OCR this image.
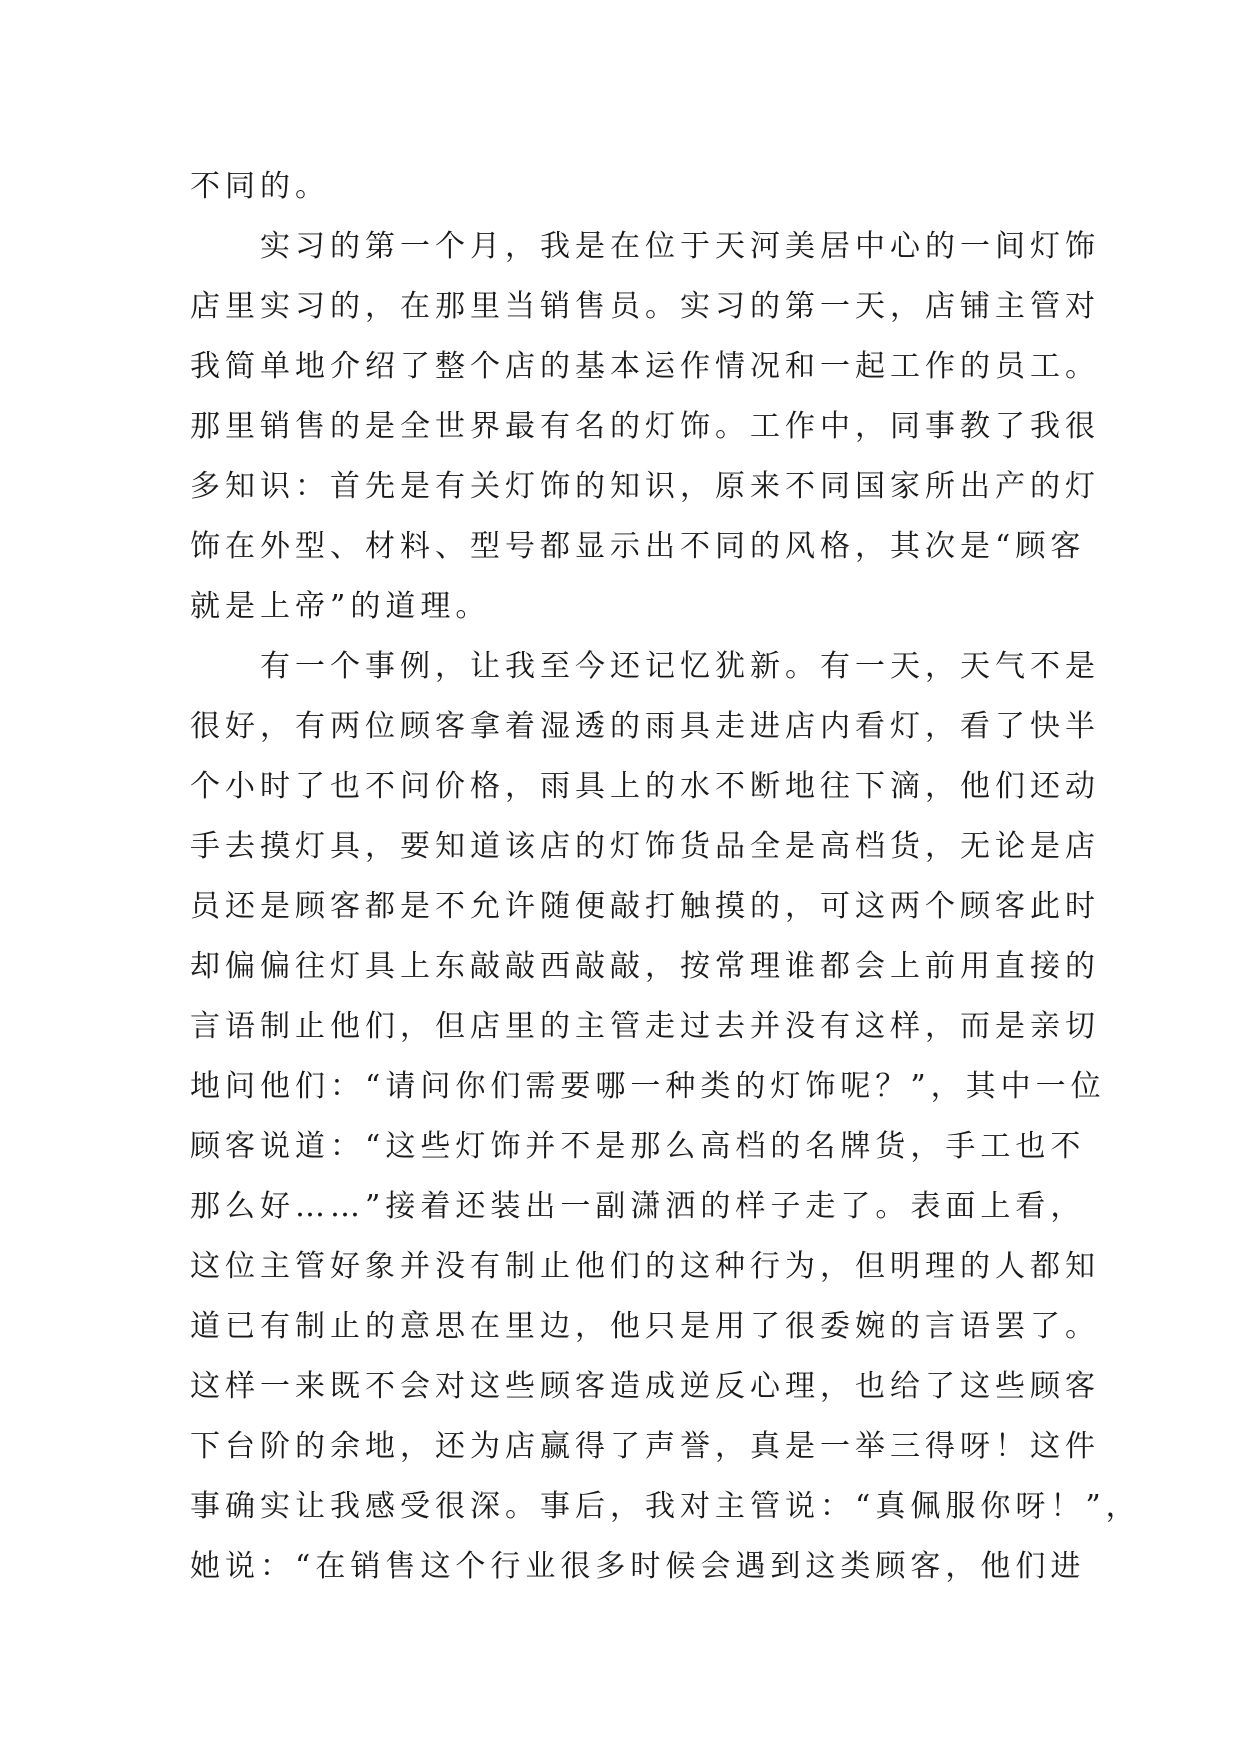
不同的。
实习的第一个月，我是在位于天河美居中心的一间灯饰
店里实习的，在那里当销售员。实习的第一天，店铺主管对
我简单地介绍了整个店的基本运作情况和一起工作的员工。
那里销售的是全世界最有名的灯饰。工作中，同事教了我很
多知识：首先是有关灯饰的知识，原来不同国家所出产的灯
饰在外型、材料、型号都显示出不同的风格，其次是“顾客
就是上帝”的道理。
有一个事例，让我至今还记忆犹新。有一天，天气不是
很好，有两位顾客拿着湿透的雨具走进店内看灯，看了快半
个小时了也不问价格，雨具上的水不断地往下滴，他们还动
手去摸灯具，要知道该店的灯饰货品全是高档货，无论是店
员还是顾客都是不允许随便敲打触摸的，可这两个顾客此时
却偏偏往灯具上东敲敲西敲敲，按常理谁都会上前用直接的
言语制止他们，但店里的主管走过去并没有这样，而是亲切
地问他们：“请问你们需要哪一种类的灯饰呢？”，其中一位
顾客说道：“这些灯饰并不是那么高档的名牌货，手工也不
那么好……”接着还装出一副潇洒的样子走了。表面上看，
这位主管好象并没有制止他们的这种行为，但明理的人都知
道已有制止的意思在里边，他只是用了很委婉的言语罢了。
这样一来既不会对这些顾客造成逆反心理，也给了这些顾客
下台阶的余地，还为店赢得了声誉，真是一举三得呀！这件
事确实让我感受很深。事后，我对主管说：“真佩服你呀！”，
她说：“在销售这个行业很多时候会遇到这类顾客，他们进
